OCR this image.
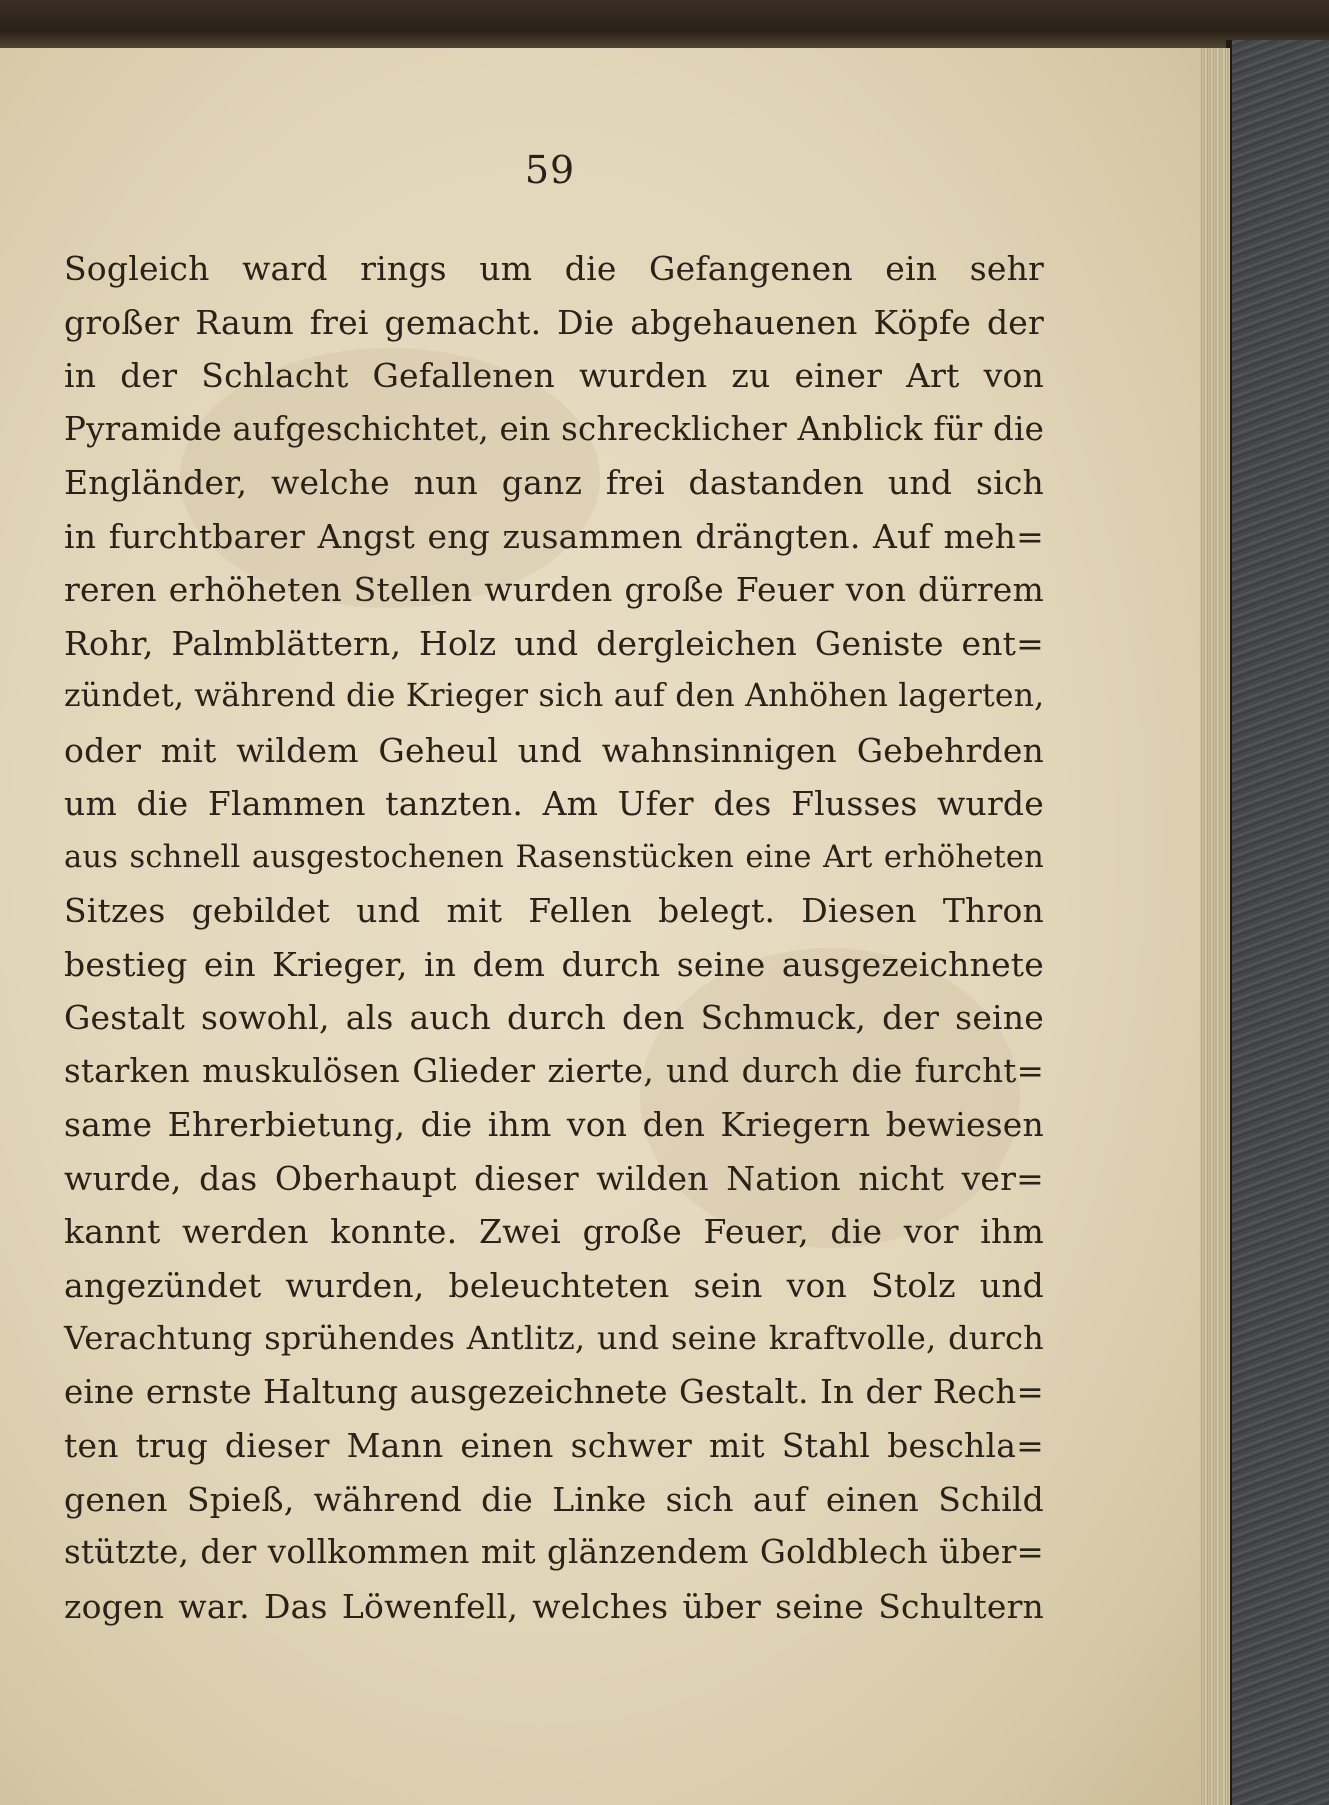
59
Sogleich ward rings um die Gefangenen ein sehr
großer Raum frei gemacht. Die abgehauenen Köpfe der
in der Schlacht Gefallenen wurden zu einer Art von
Pyramide aufgeschichtet, ein schrecklicher Anblick für die
Engländer, welche nun ganz frei dastanden und sich
in furchtbarer Angst eng zusammen drängten. Auf meh=
reren erhöheten Stellen wurden große Feuer von dürrem
Rohr, Palmblättern, Holz und dergleichen Geniste ent=
zündet, während die Krieger sich auf den Anhöhen lagerten,
oder mit wildem Geheul und wahnsinnigen Gebehrden
um die Flammen tanzten. Am Ufer des Flusses wurde
aus schnell ausgestochenen Rasenstücken eine Art erhöheten
Sitzes gebildet und mit Fellen belegt. Diesen Thron
bestieg ein Krieger, in dem durch seine ausgezeichnete
Gestalt sowohl, als auch durch den Schmuck, der seine
starken muskulösen Glieder zierte, und durch die furcht=
same Ehrerbietung, die ihm von den Kriegern bewiesen
wurde, das Oberhaupt dieser wilden Nation nicht ver=
kannt werden konnte. Zwei große Feuer, die vor ihm
angezündet wurden, beleuchteten sein von Stolz und
Verachtung sprühendes Antlitz, und seine kraftvolle, durch
eine ernste Haltung ausgezeichnete Gestalt. In der Rech=
ten trug dieser Mann einen schwer mit Stahl beschla=
genen Spieß, während die Linke sich auf einen Schild
stützte, der vollkommen mit glänzendem Goldblech über=
zogen war. Das Löwenfell, welches über seine Schultern
